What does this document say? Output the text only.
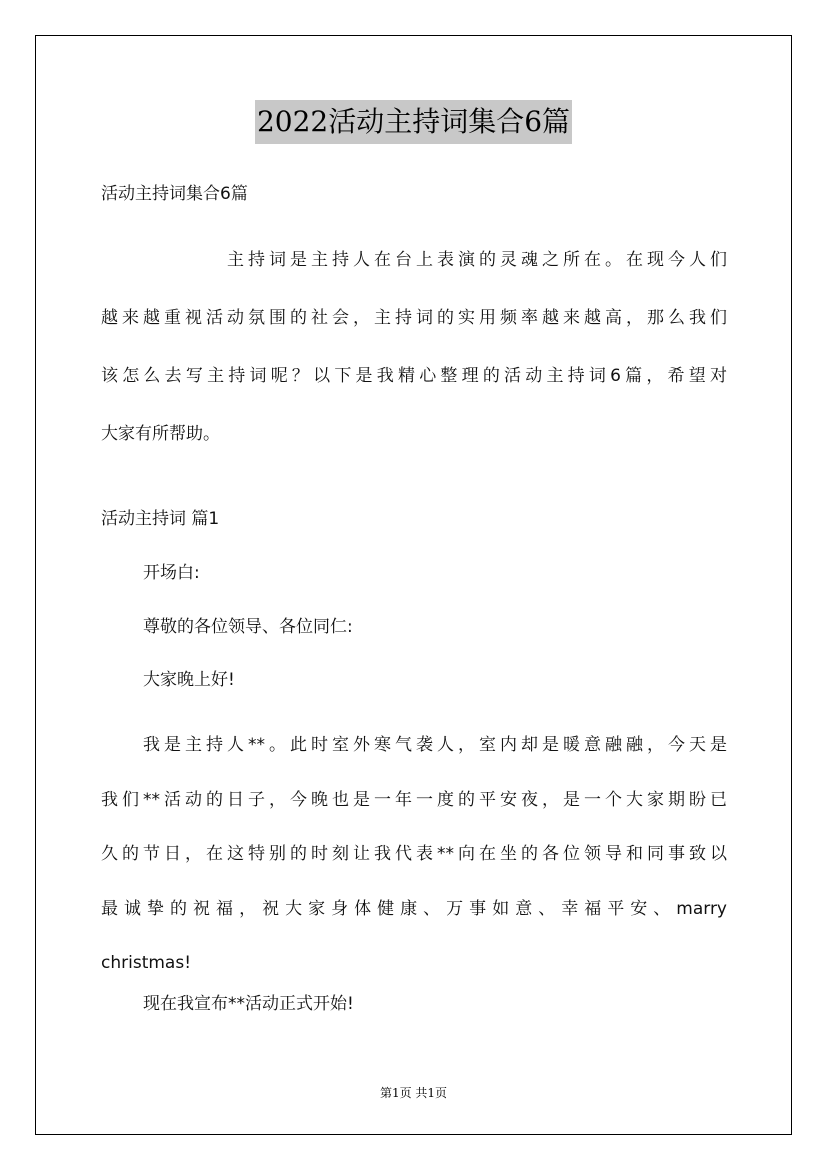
2022活动主持词集合6篇
活动主持词集合6篇
主持词是主持人在台上表演的灵魂之所在。在现今人们
越来越重视活动氛围的社会，主持词的实用频率越来越高，那么我们
该怎么去写主持词呢？以下是我精心整理的活动主持词6篇，希望对
大家有所帮助。
活动主持词 篇1
开场白:
尊敬的各位领导、各位同仁:
大家晚上好!
我是主持人**。此时室外寒气袭人，室内却是暖意融融，今天是
我们**活动的日子，今晚也是一年一度的平安夜，是一个大家期盼已
久的节日，在这特别的时刻让我代表**向在坐的各位领导和同事致以
最诚挚的祝福，祝大家身体健康、万事如意、幸福平安、marry
christmas!
现在我宣布**活动正式开始!
第1页 共1页
